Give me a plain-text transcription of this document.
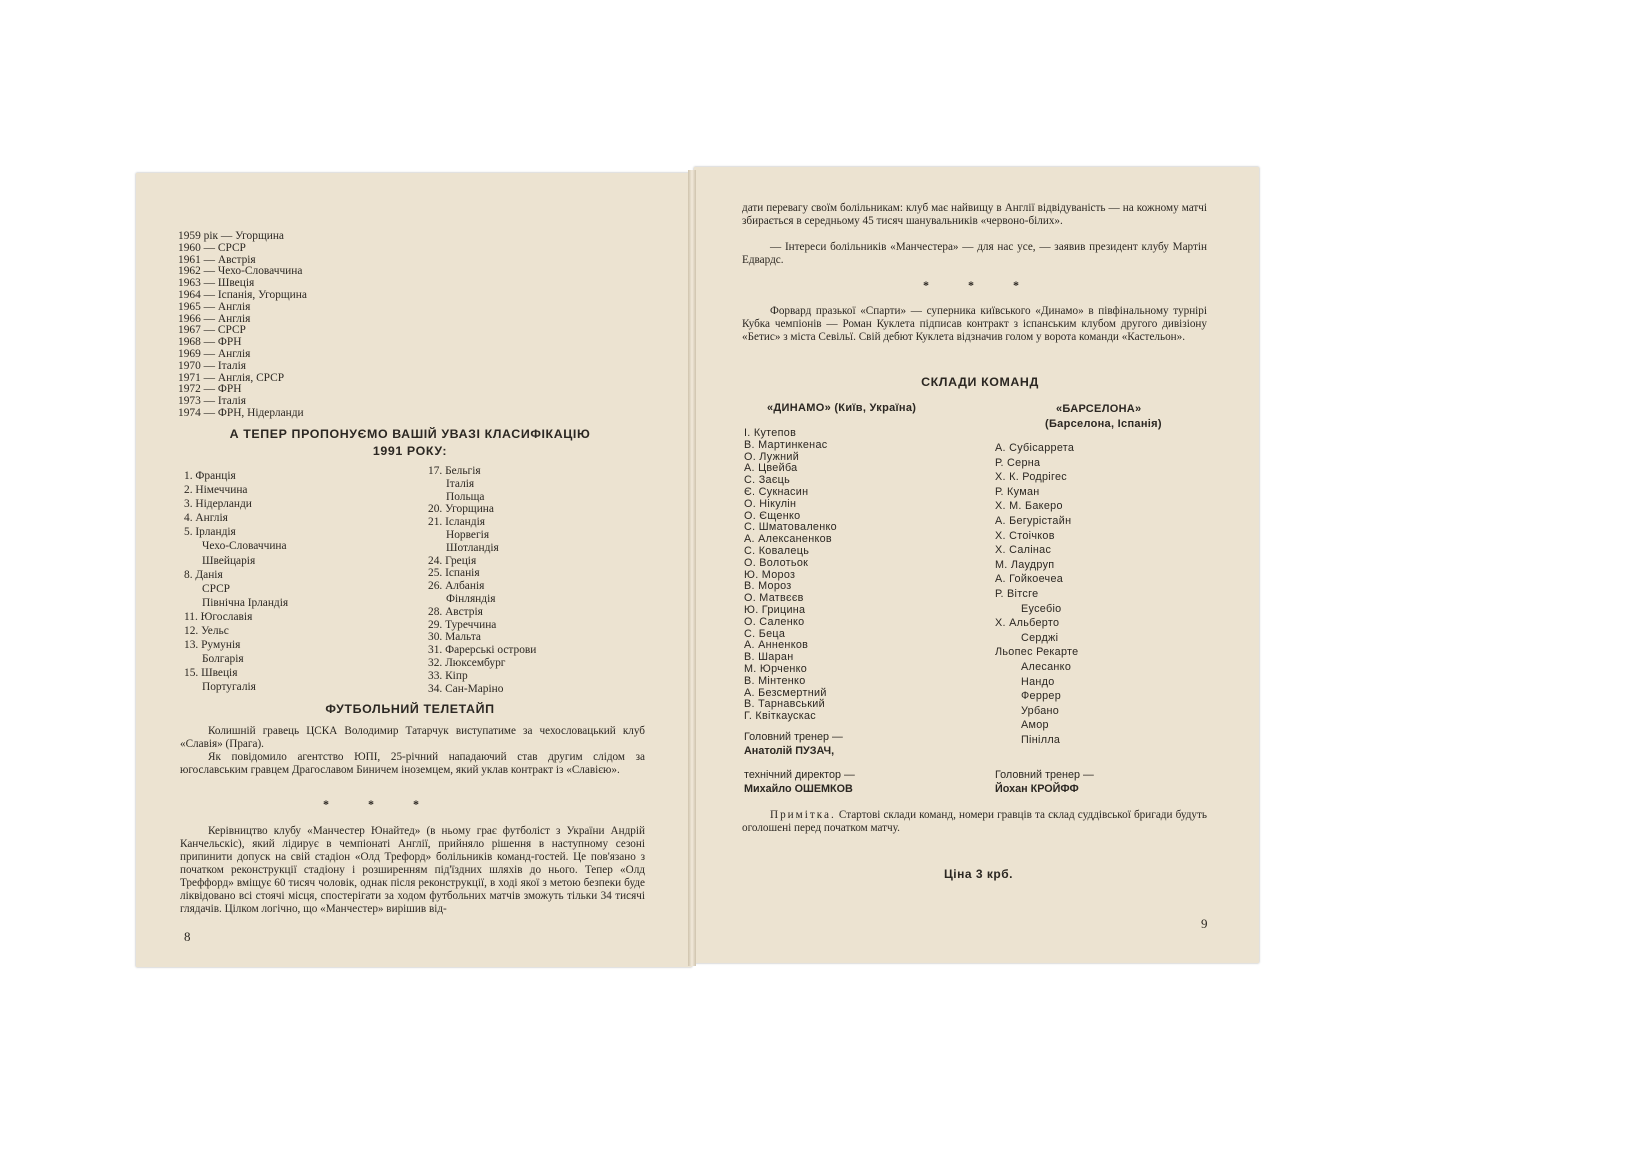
1959 рік — Угорщина
1960 — СРСР
1961 — Австрія
1962 — Чехо-Словаччина
1963 — Швеція
1964 — Іспанія, Угорщина
1965 — Англія
1966 — Англія
1967 — СРСР
1968 — ФРН
1969 — Англія
1970 — Італія
1971 — Англія, СРСР
1972 — ФРН
1973 — Італія
1974 — ФРН, Нідерланди
А ТЕПЕР ПРОПОНУЄМО ВАШІЙ УВАЗІ КЛАСИФІКАЦІЮ
1991 РОКУ:
1. Франція
2. Німеччина
3. Нідерланди
4. Англія
5. Ірландія
Чехо-Словаччина
Швейцарія
8. Данія
СРСР
Північна Ірландія
11. Югославія
12. Уельс
13. Румунія
Болгарія
15. Швеція
Португалія
17. Бельгія
Італія
Польща
20. Угорщина
21. Ісландія
Норвегія
Шотландія
24. Греція
25. Іспанія
26. Албанія
Фінляндія
28. Австрія
29. Туреччина
30. Мальта
31. Фарерські острови
32. Люксембург
33. Кіпр
34. Сан-Маріно
ФУТБОЛЬНИЙ ТЕЛЕТАЙП
Колишній гравець ЦСКА Володимир Татарчук виступатиме за чехословацький клуб «Славія» (Прага).
Як повідомило агентство ЮПІ, 25-річний нападаючий став другим слідом за югославським гравцем Драгославом Биничем іноземцем, який уклав контракт із «Славією».
* * *
Керівництво клубу «Манчестер Юнайтед» (в ньому грає футболіст з України Андрій Канчельскіс), який лідирує в чемпіонаті Англії, прийняло рішення в наступному сезоні припинити допуск на свій стадіон «Олд Трефорд» болільників команд-гостей. Це пов'язано з початком реконструкції стадіону і розширенням під'їздних шляхів до нього. Тепер «Олд Треффорд» вміщує 60 тисяч чоловік, однак після реконструкції, в ході якої з метою безпеки буде ліквідовано всі стоячі місця, спостерігати за ходом футбольних матчів зможуть тільки 34 тисячі глядачів. Цілком логічно, що «Манчестер» вирішив від-
8
дати перевагу своїм болільникам: клуб має найвищу в Англії відвідуваність — на кожному матчі збирається в середньому 45 тисяч шанувальників «червоно-білих».
— Інтереси болільників «Манчестера» — для нас усе, — заявив президент клубу Мартін Едвардс.
* * *
Форвард празької «Спарти» — суперника київського «Динамо» в півфінальному турнірі Кубка чемпіонів — Роман Куклета підписав контракт з іспанським клубом другого дивізіону «Бетис» з міста Севільї. Свій дебют Куклета відзначив голом у ворота команди «Кастельон».
СКЛАДИ КОМАНД
«ДИНАМО» (Київ, Україна)	«БАРСЕЛОНА»
(Барселона, Іспанія)
І. Кутепов
В. Мартинкенас
О. Лужний
А. Цвейба
С. Заєць
Є. Сукнасин
О. Нікулін
О. Єщенко
С. Шматоваленко
А. Алексаненков
С. Ковалець
О. Волотьок
Ю. Мороз
В. Мороз
О. Матвєєв
Ю. Грицина
О. Саленко
С. Беца
А. Анненков
В. Шаран
М. Юрченко
В. Мінтенко
А. Безсмертний
В. Тарнавський
Г. Квіткаускас
А. Субісаррета
Р. Серна
Х. К. Родрігес
Р. Куман
Х. М. Бакеро
А. Бегурістайн
Х. Стоічков
Х. Салінас
М. Лаудруп
А. Гойкоечеа
Р. Вітсге
Еусебіо
Х. Альберто
Серджі
Льопес Рекарте
Алесанко
Нандо
Феррер
Урбано
Амор
Пінілла
Головний тренер —
Анатолій ПУЗАЧ,
технічний директор —
Михайло ОШЕМКОВ
Головний тренер —
Йохан КРОЙФФ
Примітка. Стартові склади команд, номери гравців та склад суддівської бригади будуть оголошені перед початком матчу.
Ціна 3 крб.
9
